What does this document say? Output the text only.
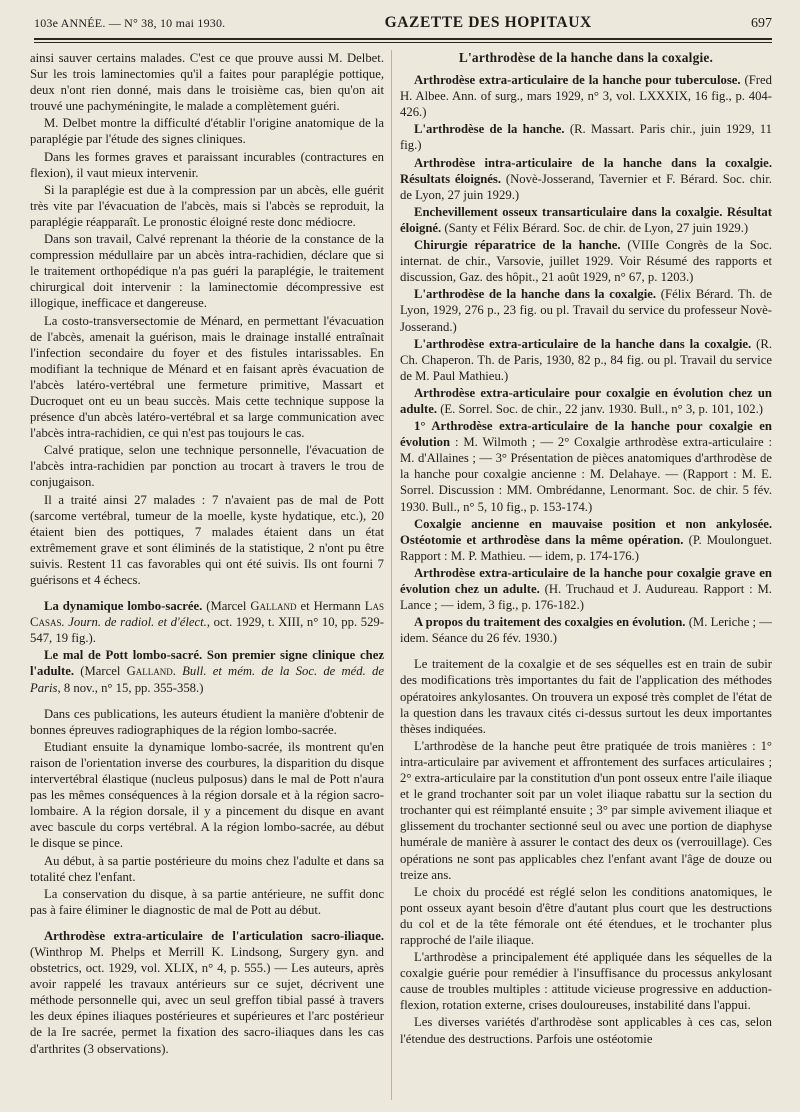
103e ANNÉE. — N° 38, 10 mai 1930.	GAZETTE DES HOPITAUX	697

ainsi sauver certains malades. C'est ce que prouve aussi M. Delbet. Sur les trois laminectomies qu'il a faites pour paraplégie pottique, deux n'ont rien donné, mais dans le troisième cas, bien qu'on ait trouvé une pachyméningite, le malade a complètement guéri.

M. Delbet montre la difficulté d'établir l'origine anatomique de la paraplégie par l'étude des signes cliniques.

Dans les formes graves et paraissant incurables (contractures en flexion), il vaut mieux intervenir.

Si la paraplégie est due à la compression par un abcès, elle guérit très vite par l'évacuation de l'abcès, mais si l'abcès se reproduit, la paraplégie réapparaît. Le pronostic éloigné reste donc médiocre.

Dans son travail, Calvé reprenant la théorie de la constance de la compression médullaire par un abcès intra-rachidien, déclare que si le traitement orthopédique n'a pas guéri la paraplégie, le traitement chirurgical doit intervenir : la laminectomie décompressive est illogique, inefficace et dangereuse.

La costo-transversectomie de Ménard, en permettant l'évacuation de l'abcès, amenait la guérison, mais le drainage installé entraînait l'infection secondaire du foyer et des fistules intarissables. En modifiant la technique de Ménard et en faisant après évacuation de l'abcès latéro-vertébral une fermeture primitive, Massart et Ducroquet ont eu un beau succès. Mais cette technique suppose la présence d'un abcès latéro-vertébral et sa large communication avec l'abcès intra-rachidien, ce qui n'est pas toujours le cas.

Calvé pratique, selon une technique personnelle, l'évacuation de l'abcès intra-rachidien par ponction au trocart à travers le trou de conjugaison.

Il a traité ainsi 27 malades : 7 n'avaient pas de mal de Pott (sarcome vertébral, tumeur de la moelle, kyste hydatique, etc.), 20 étaient bien des pottiques, 7 malades étaient dans un état extrêmement grave et sont éliminés de la statistique, 2 n'ont pu être suivis. Restent 11 cas favorables qui ont été suivis. Ils ont fourni 7 guérisons et 4 échecs.

La dynamique lombo-sacrée. (Marcel Galland et Hermann Las Casas. Journ. de radiol. et d'élect., oct. 1929, t. XIII, n° 10, pp. 529-547, 19 fig.).
Le mal de Pott lombo-sacré. Son premier signe clinique chez l'adulte. (Marcel Galland. Bull. et mém. de la Soc. de méd. de Paris, 8 nov., n° 15, pp. 355-358.)

Dans ces publications, les auteurs étudient la manière d'obtenir de bonnes épreuves radiographiques de la région lombo-sacrée.

Etudiant ensuite la dynamique lombo-sacrée, ils montrent qu'en raison de l'orientation inverse des courbures, la disparition du disque intervertébral élastique (nucleus pulposus) dans le mal de Pott n'aura pas les mêmes conséquences à la région dorsale et à la région sacro-lombaire. A la région dorsale, il y a pincement du disque en avant avec bascule du corps vertébral. A la région lombo-sacrée, au début le disque se pince.

Au début, à sa partie postérieure du moins chez l'adulte et dans sa totalité chez l'enfant.

La conservation du disque, à sa partie antérieure, ne suffit donc pas à faire éliminer le diagnostic de mal de Pott au début.

Arthrodèse extra-articulaire de l'articulation sacro-iliaque. (Winthrop M. Phelps et Merrill K. Lindsong, Surgery gyn. and obstetrics, oct. 1929, vol. XLIX, n° 4, p. 555.) — Les auteurs, après avoir rappelé les travaux antérieurs sur ce sujet, décrivent une méthode personnelle qui, avec un seul greffon tibial passé à travers les deux épines iliaques postérieures et supérieures et l'arc postérieur de la Ire sacrée, permet la fixation des sacro-iliaques dans les cas d'arthrites (3 observations).
L'arthrodèse de la hanche dans la coxalgie.
Arthrodèse extra-articulaire de la hanche pour tuberculose. (Fred H. Albee. Ann. of surg., mars 1929, n° 3, vol. LXXXIX, 16 fig., p. 404-426.)
L'arthrodèse de la hanche. (R. Massart. Paris chir., juin 1929, 11 fig.)
Arthrodèse intra-articulaire de la hanche dans la coxalgie. Résultats éloignés. (Novè-Josserand, Tavernier et F. Bérard. Soc. chir. de Lyon, 27 juin 1929.)
Enchevillement osseux transarticulaire dans la coxalgie. Résultat éloigné. (Santy et Félix Bérard. Soc. de chir. de Lyon, 27 juin 1929.)
Chirurgie réparatrice de la hanche. (VIIIe Congrès de la Soc. internat. de chir., Varsovie, juillet 1929. Voir Résumé des rapports et discussion, Gaz. des hôpit., 21 août 1929, n° 67, p. 1203.)
L'arthrodèse de la hanche dans la coxalgie. (Félix Bérard. Th. de Lyon, 1929, 276 p., 23 fig. ou pl. Travail du service du professeur Novè-Josserand.)
L'arthrodèse extra-articulaire de la hanche dans la coxalgie. (R. Ch. Chaperon. Th. de Paris, 1930, 82 p., 84 fig. ou pl. Travail du service de M. Paul Mathieu.)
Arthrodèse extra-articulaire pour coxalgie en évolution chez un adulte. (E. Sorrel. Soc. de chir., 22 janv. 1930. Bull., n° 3, p. 101, 102.)
1° Arthrodèse extra-articulaire de la hanche pour coxalgie en évolution : M. Wilmoth ; — 2° Coxalgie arthrodèse extra-articulaire : M. d'Allaines ; — 3° Présentation de pièces anatomiques d'arthrodèse de la hanche pour coxalgie ancienne : M. Delahaye. — (Rapport : M. E. Sorrel. Discussion : MM. Ombrédanne, Lenormant. Soc. de chir. 5 fév. 1930. Bull., n° 5, 10 fig., p. 153-174.)
Coxalgie ancienne en mauvaise position et non ankylosée. Ostéotomie et arthrodèse dans la même opération. (P. Moulonguet. Rapport : M. P. Mathieu. — idem, p. 174-176.)
Arthrodèse extra-articulaire de la hanche pour coxalgie grave en évolution chez un adulte. (H. Truchaud et J. Audureau. Rapport : M. Lance ; — idem, 3 fig., p. 176-182.)
A propos du traitement des coxalgies en évolution. (M. Leriche ; — idem. Séance du 26 fév. 1930.)

Le traitement de la coxalgie et de ses séquelles est en train de subir des modifications très importantes du fait de l'application des méthodes opératoires ankylosantes. On trouvera un exposé très complet de l'état de la question dans les travaux cités ci-dessus surtout les deux importantes thèses indiquées.

L'arthrodèse de la hanche peut être pratiquée de trois manières : 1° intra-articulaire par avivement et affrontement des surfaces articulaires ; 2° extra-articulaire par la constitution d'un pont osseux entre l'aile iliaque et le grand trochanter soit par un volet iliaque rabattu sur la section du trochanter qui est réimplanté ensuite ; 3° par simple avivement iliaque et glissement du trochanter sectionné seul ou avec une portion de diaphyse humérale de manière à assurer le contact des deux os (verrouillage). Ces opérations ne sont pas applicables chez l'enfant avant l'âge de douze ou treize ans.

Le choix du procédé est réglé selon les conditions anatomiques, le pont osseux ayant besoin d'être d'autant plus court que les destructions du col et de la tête fémorale ont été étendues, et le trochanter plus rapproché de l'aile iliaque.

L'arthrodèse a principalement été appliquée dans les séquelles de la coxalgie guérie pour remédier à l'insuffisance du processus ankylosant cause de troubles multiples : attitude vicieuse progressive en adduction-flexion, rotation externe, crises douloureuses, instabilité dans l'appui.

Les diverses variétés d'arthrodèse sont applicables à ces cas, selon l'étendue des destructions. Parfois une ostéotomie
